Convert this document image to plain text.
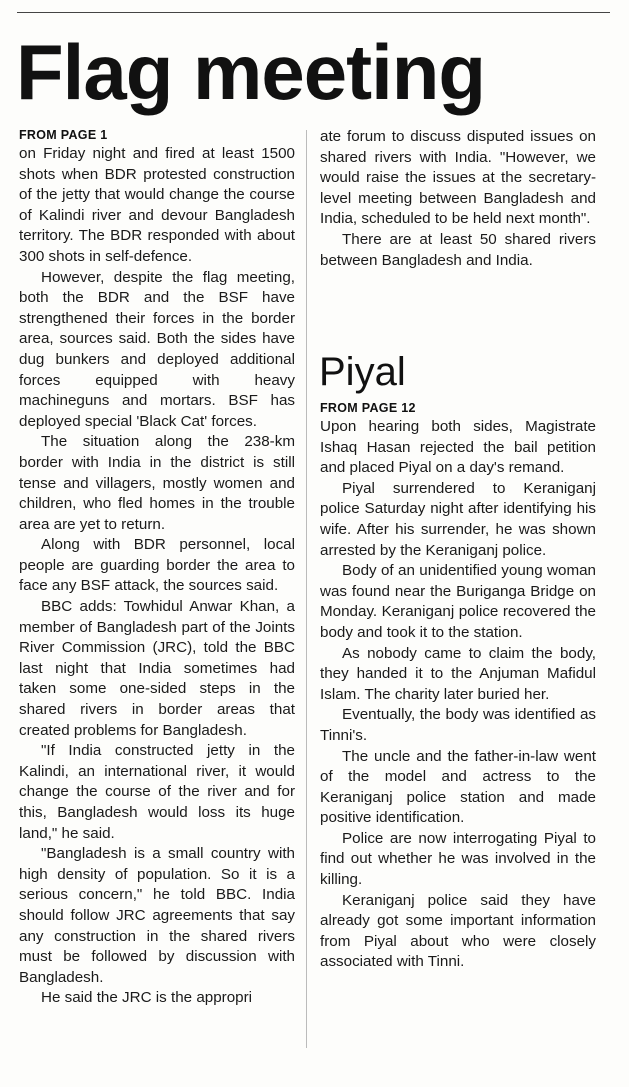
Flag meeting
FROM PAGE 1

on Friday night and fired at least 1500 shots when BDR protested construction of the jetty that would change the course of Kalindi river and devour Bangladesh territory. The BDR responded with about 300 shots in self-defence.

However, despite the flag meeting, both the BDR and the BSF have strengthened their forces in the border area, sources said. Both the sides have dug bunkers and deployed additional forces equipped with heavy machineguns and mortars. BSF has deployed special 'Black Cat' forces.

The situation along the 238-km border with India in the district is still tense and villagers, mostly women and children, who fled homes in the trouble area are yet to return.

Along with BDR personnel, local people are guarding border the area to face any BSF attack, the sources said.

BBC adds: Towhidul Anwar Khan, a member of Bangladesh part of the Joints River Commission (JRC), told the BBC last night that India sometimes had taken some one-sided steps in the shared rivers in border areas that created problems for Bangladesh.

"If India constructed jetty in the Kalindi, an international river, it would change the course of the river and for this, Bangladesh would loss its huge land," he said.

"Bangladesh is a small country with high density of population. So it is a serious concern," he told BBC. India should follow JRC agreements that say any construction in the shared rivers must be followed by discussion with Bangladesh.

He said the JRC is the appropri

ate forum to discuss disputed issues on shared rivers with India. "However, we would raise the issues at the secretary-level meeting between Bangladesh and India, scheduled to be held next month".

There are at least 50 shared rivers between Bangladesh and India.

Piyal
FROM PAGE 12

Upon hearing both sides, Magistrate Ishaq Hasan rejected the bail petition and placed Piyal on a day's remand.

Piyal surrendered to Keraniganj police Saturday night after identifying his wife. After his surrender, he was shown arrested by the Keraniganj police.

Body of an unidentified young woman was found near the Buriganga Bridge on Monday. Keraniganj police recovered the body and took it to the station.

As nobody came to claim the body, they handed it to the Anjuman Mafidul Islam. The charity later buried her.

Eventually, the body was identified as Tinni's.

The uncle and the father-in-law went of the model and actress to the Keraniganj police station and made positive identification.

Police are now interrogating Piyal to find out whether he was involved in the killing.

Keraniganj police said they have already got some important information from Piyal about who were closely associated with Tinni.
